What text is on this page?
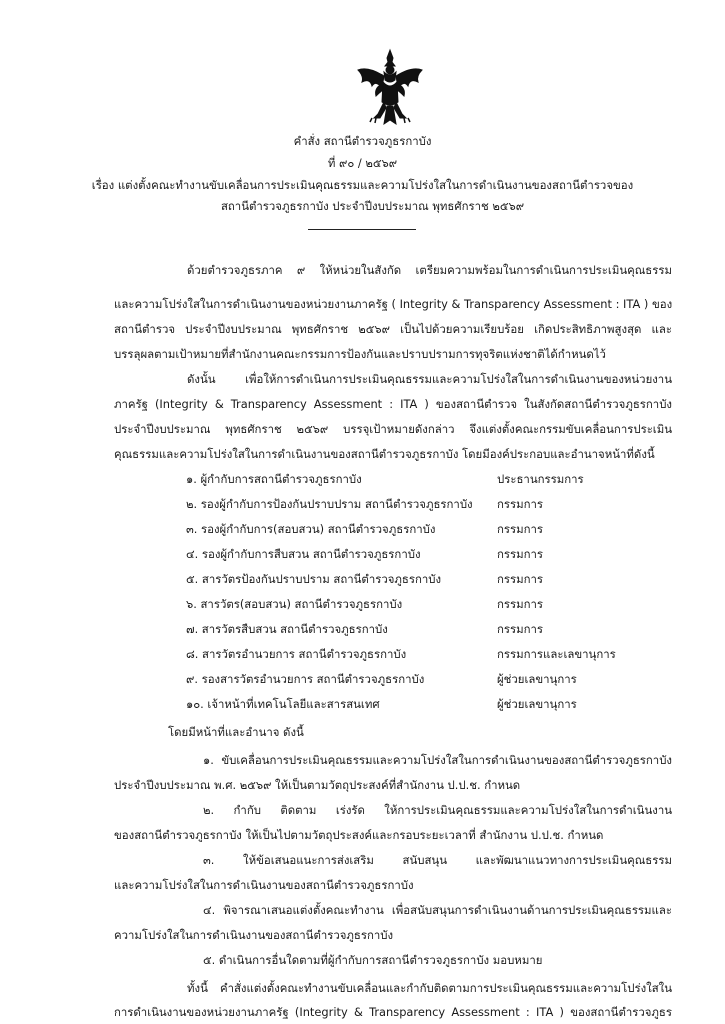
คำสั่ง สถานีตำรวจภูธรกาบัง
ที่ ๙๐ / ๒๕๖๙
เรื่อง แต่งตั้งคณะทำงานขับเคลื่อนการประเมินคุณธรรมและความโปร่งใสในการดำเนินงานของสถานีตำรวจของ
สถานีตำรวจภูธรกาบัง ประจำปีงบประมาณ พุทธศักราช ๒๕๖๙
ด้วยตำรวจภูธรภาค ๙ ให้หน่วยในสังกัด เตรียมความพร้อมในการดำเนินการประเมินคุณธรรม
และความโปร่งใสในการดำเนินงานของหน่วยงานภาครัฐ ( Integrity & Transparency Assessment : ITA ) ของ
สถานีตำรวจ ประจำปีงบประมาณ พุทธศักราช ๒๕๖๙ เป็นไปด้วยความเรียบร้อย เกิดประสิทธิภาพสูงสุด และ
บรรลุผลตามเป้าหมายที่สำนักงานคณะกรรมการป้องกันและปราบปรามการทุจริตแห่งชาติได้กำหนดไว้
ดังนั้น เพื่อให้การดำเนินการประเมินคุณธรรมและความโปร่งใสในการดำเนินงานของหน่วยงาน
ภาครัฐ (Integrity & Transparency Assessment : ITA ) ของสถานีตำรวจ ในสังกัดสถานีตำรวจภูธรกาบัง
ประจำปีงบประมาณ พุทธศักราช ๒๕๖๙ บรรจุเป้าหมายดังกล่าว จึงแต่งตั้งคณะกรรมขับเคลื่อนการประเมิน
คุณธรรมและความโปร่งใสในการดำเนินงานของสถานีตำรวจภูธรกาบัง โดยมีองค์ประกอบและอำนาจหน้าที่ดังนี้
๑. ผู้กำกับการสถานีตำรวจภูธรกาบัง	ประธานกรรมการ
๒. รองผู้กำกับการป้องกันปราบปราม สถานีตำรวจภูธรกาบัง กรรมการ
๓. รองผู้กำกับการ(สอบสวน) สถานีตำรวจภูธรกาบัง	กรรมการ
๔. รองผู้กำกับการสืบสวน สถานีตำรวจภูธรกาบัง	กรรมการ
๕. สารวัตรป้องกันปราบปราม สถานีตำรวจภูธรกาบัง	กรรมการ
๖. สารวัตร(สอบสวน) สถานีตำรวจภูธรกาบัง	กรรมการ
๗. สารวัตรสืบสวน สถานีตำรวจภูธรกาบัง	กรรมการ
๘. สารวัตรอำนวยการ สถานีตำรวจภูธรกาบัง	กรรมการและเลขานุการ
๙. รองสารวัตรอำนวยการ สถานีตำรวจภูธรกาบัง	ผู้ช่วยเลขานุการ
๑๐. เจ้าหน้าที่เทคโนโลยีและสารสนเทศ	ผู้ช่วยเลขานุการ
โดยมีหน้าที่และอำนาจ ดังนี้
๑. ขับเคลื่อนการประเมินคุณธรรมและความโปร่งใสในการดำเนินงานของสถานีตำรวจภูธรกาบัง
ประจำปีงบประมาณ พ.ศ. ๒๕๖๙ ให้เป็นตามวัตถุประสงค์ที่สำนักงาน ป.ป.ช. กำหนด
๒. กำกับ ติดตาม เร่งรัด ให้การประเมินคุณธรรมและความโปร่งใสในการดำเนินงาน
ของสถานีตำรวจภูธรกาบัง ให้เป็นไปตามวัตถุประสงค์และกรอบระยะเวลาที่ สำนักงาน ป.ป.ช. กำหนด
๓. ให้ข้อเสนอแนะการส่งเสริม สนับสนุน และพัฒนาแนวทางการประเมินคุณธรรม
และความโปร่งใสในการดำเนินงานของสถานีตำรวจภูธรกาบัง
๔. พิจารณาเสนอแต่งตั้งคณะทำงาน เพื่อสนับสนุนการดำเนินงานด้านการประเมินคุณธรรมและ
ความโปร่งใสในการดำเนินงานของสถานีตำรวจภูธรกาบัง
๕. ดำเนินการอื่นใดตามที่ผู้กำกับการสถานีตำรวจภูธรกาบัง มอบหมาย
ทั้งนี้ คำสั่งแต่งตั้งคณะทำงานขับเคลื่อนและกำกับติดตามการประเมินคุณธรรมและความโปร่งใสใน
การดำเนินงานของหน่วยงานภาครัฐ (Integrity & Transparency Assessment : ITA ) ของสถานีตำรวจภูธร
